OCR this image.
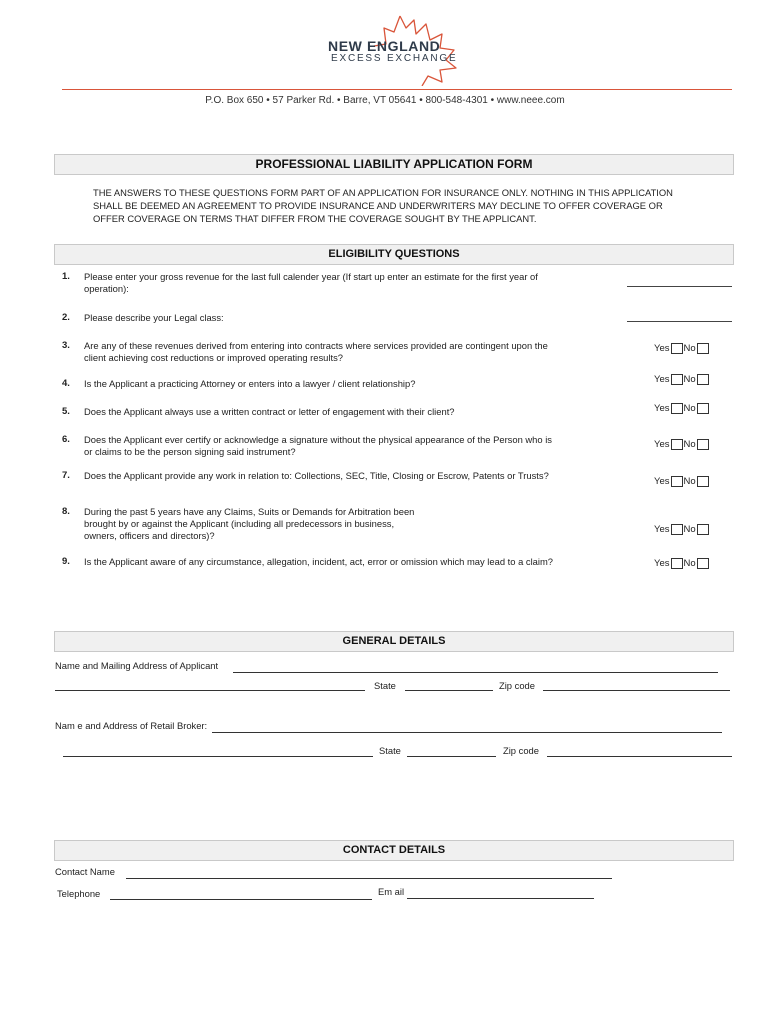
NEW ENGLAND
EXCESS EXCHANGE
P.O. Box 650 • 57 Parker Rd. • Barre, VT 05641 • 800-548-4301 • www.neee.com
PROFESSIONAL LIABILITY APPLICATION FORM
THE ANSWERS TO THESE QUESTIONS FORM PART OF AN APPLICATION FOR INSURANCE ONLY. NOTHING IN THIS APPLICATION SHALL BE DEEMED AN AGREEMENT TO PROVIDE INSURANCE AND UNDERWRITERS MAY DECLINE TO OFFER COVERAGE OR OFFER COVERAGE ON TERMS THAT DIFFER FROM THE COVERAGE SOUGHT BY THE APPLICANT.
ELIGIBILITY QUESTIONS
1. Please enter your gross revenue for the last full calender year (If start up enter an estimate for the first year of operation):
2. Please describe your Legal class:
3. Are any of these revenues derived from entering into contracts where services provided are contingent upon the client achieving cost reductions or improved operating results?
Yes No
4. Is the Applicant a practicing Attorney or enters into a lawyer / client relationship?	Yes No
5. Does the Applicant always use a written contract or letter of engagement with their client?	Yes No
6. Does the Applicant ever certify or acknowledge a signature without the physical appearance of the Person who is or claims to be the person signing said instrument?
Yes No
7. Does the Applicant provide any work in relation to: Collections, SEC, Title, Closing or Escrow, Patents or Trusts?
Yes No
8. During the past 5 years have any Claims, Suits or Demands for Arbitration been brought by or against the Applicant (including all predecessors in business, owners, officers and directors)?
Yes No
9. Is the Applicant aware of any circumstance, allegation, incident, act, error or omission which may lead to a claim?	Yes No
GENERAL DETAILS
Name and Mailing Address of Applicant
State	Zip code
Nam e and Address of Retail Broker:
State	Zip code
CONTACT DETAILS
Contact Name
Telephone	Em ail
